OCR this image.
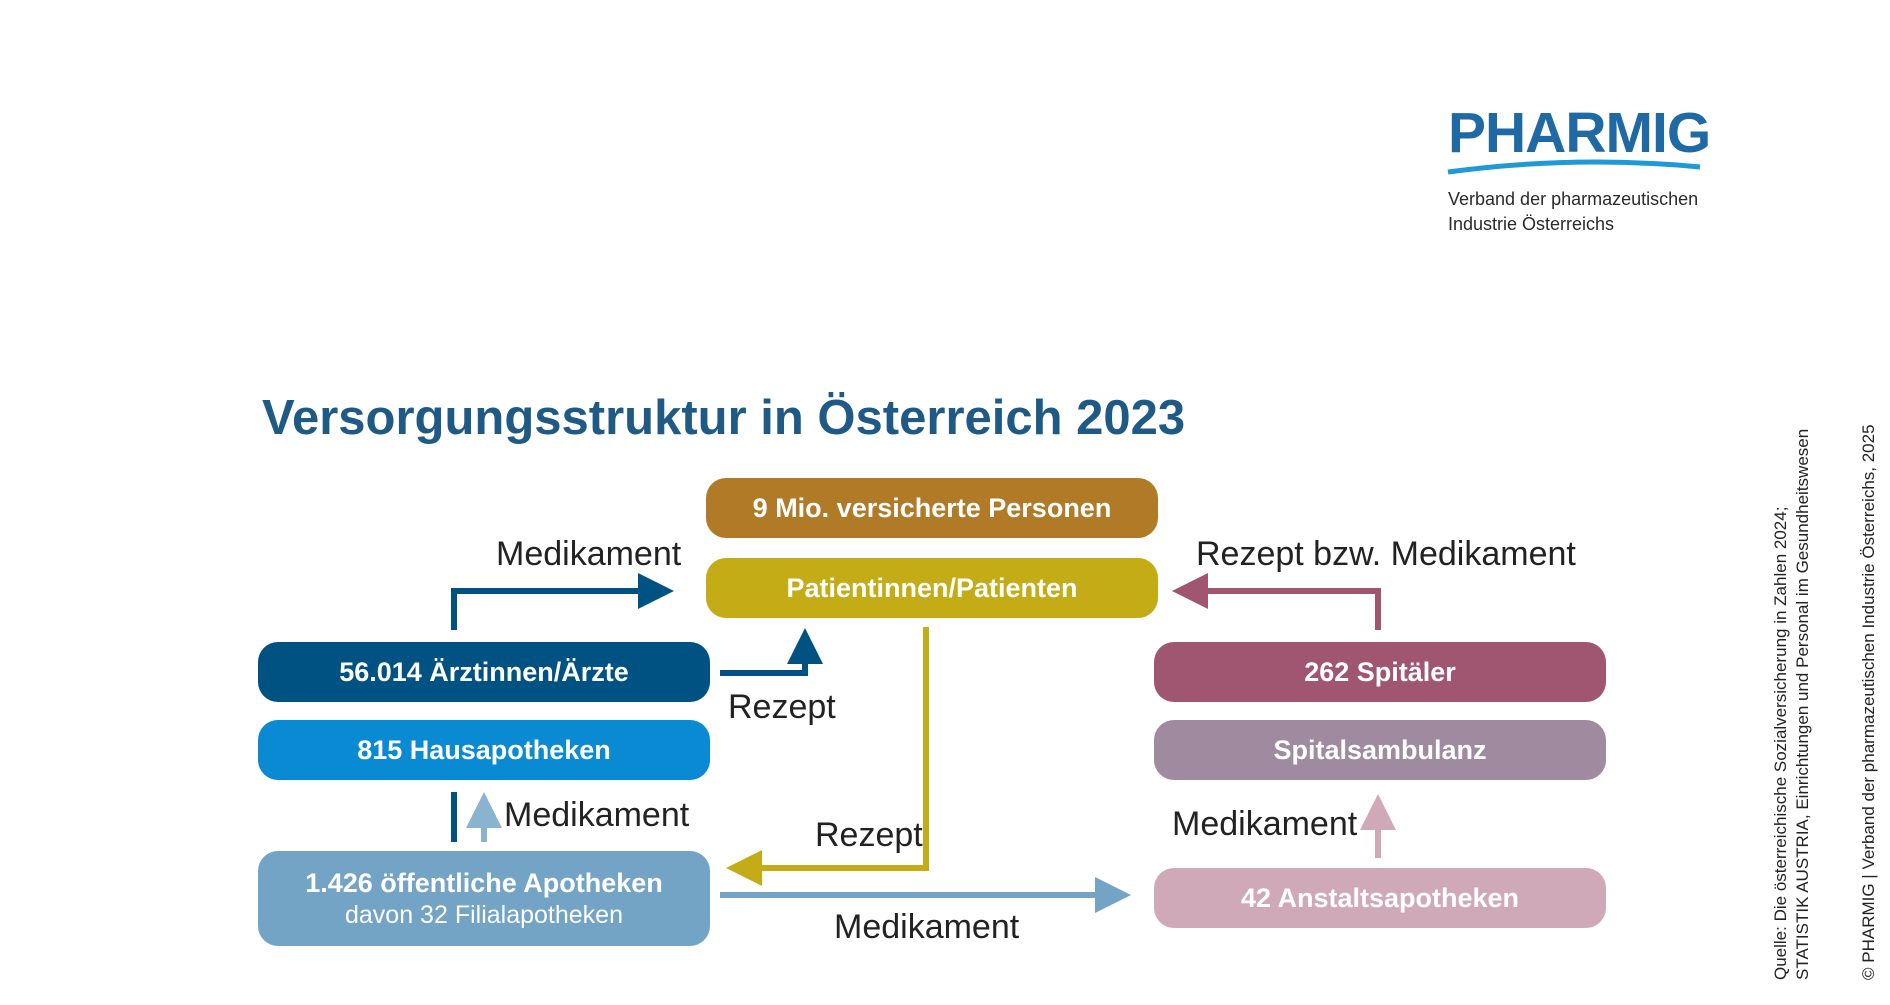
PHARMIG
Verband der pharmazeutischen
Industrie Österreichs
Versorgungsstruktur in Österreich 2023
9 Mio. versicherte Personen
Patientinnen/Patienten
56.014 Ärztinnen/Ärzte
815 Hausapotheken
1.426 öffentliche Apotheken
davon 32 Filialapotheken
262 Spitäler
Spitalsambulanz
42 Anstaltsapotheken
Medikament
Rezept
Rezept bzw. Medikament
Medikament
Rezept
Medikament
Medikament	Quelle: Die österreichische Sozialversicherung in Zahlen 2024; STATISTIK AUSTRIA, Einrichtungen und Personal im Gesundheitswesen	© PHARMIG | Verband der pharmazeutischen Industrie Österreichs, 2025
